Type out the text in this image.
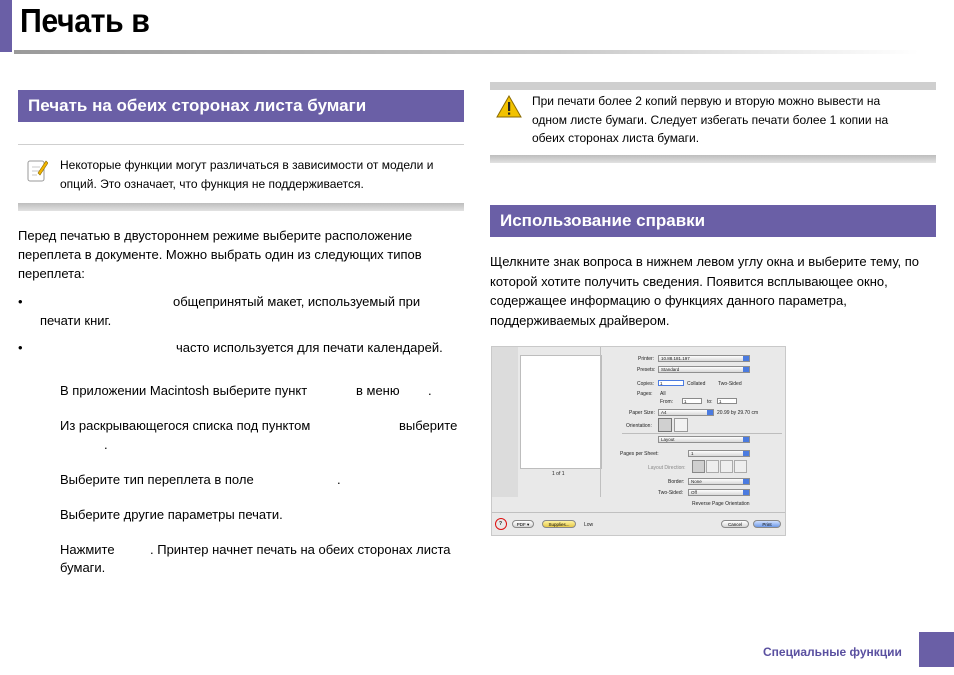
Печать в
Печать на обеих сторонах листа бумаги
Некоторые функции могут различаться в зависимости от модели и
опций. Это означает, что функция не поддерживается.
Перед печатью в двустороннем режиме выберите расположение
переплета в документе. Можно выбрать один из следующих типов
переплета:
•	общепринятый макет, используемый при
печати книг.
•	часто используется для печати календарей.
В приложении Macintosh выберите пункт	в меню .
Из раскрывающегося списка под пунктом	выберите
.
Выберите тип переплета в поле	.
Выберите другие параметры печати.
Нажмите	. Принтер начнет печать на обеих сторонах листа
бумаги.
При печати более 2 копий первую и вторую можно вывести на
одном листе бумаги. Следует избегать печати более 1 копии на
обеих сторонах листа бумаги.
Использование справки
Щелкните знак вопроса в нижнем левом углу окна и выберите тему, по
которой хотите получить сведения. Появится всплывающее окно,
содержащее информацию о функциях данного параметра,
поддерживаемых драйвером.
1 of 1
Printer:	10.88.181.197
Presets:	Standard
Copies:	1	Collated	Two-Sided
Pages: All
From:	1	to:	1
Paper Size:	A4	20.99 by 29.70 cm
Orientation:
Layout
Pages per Sheet:	1
Layout Direction:
Border:	None
Two-Sided:	Off
Reverse Page Orientation
?	PDF ▾	Supplies...	Low	Cancel	Print
Специальные функции
